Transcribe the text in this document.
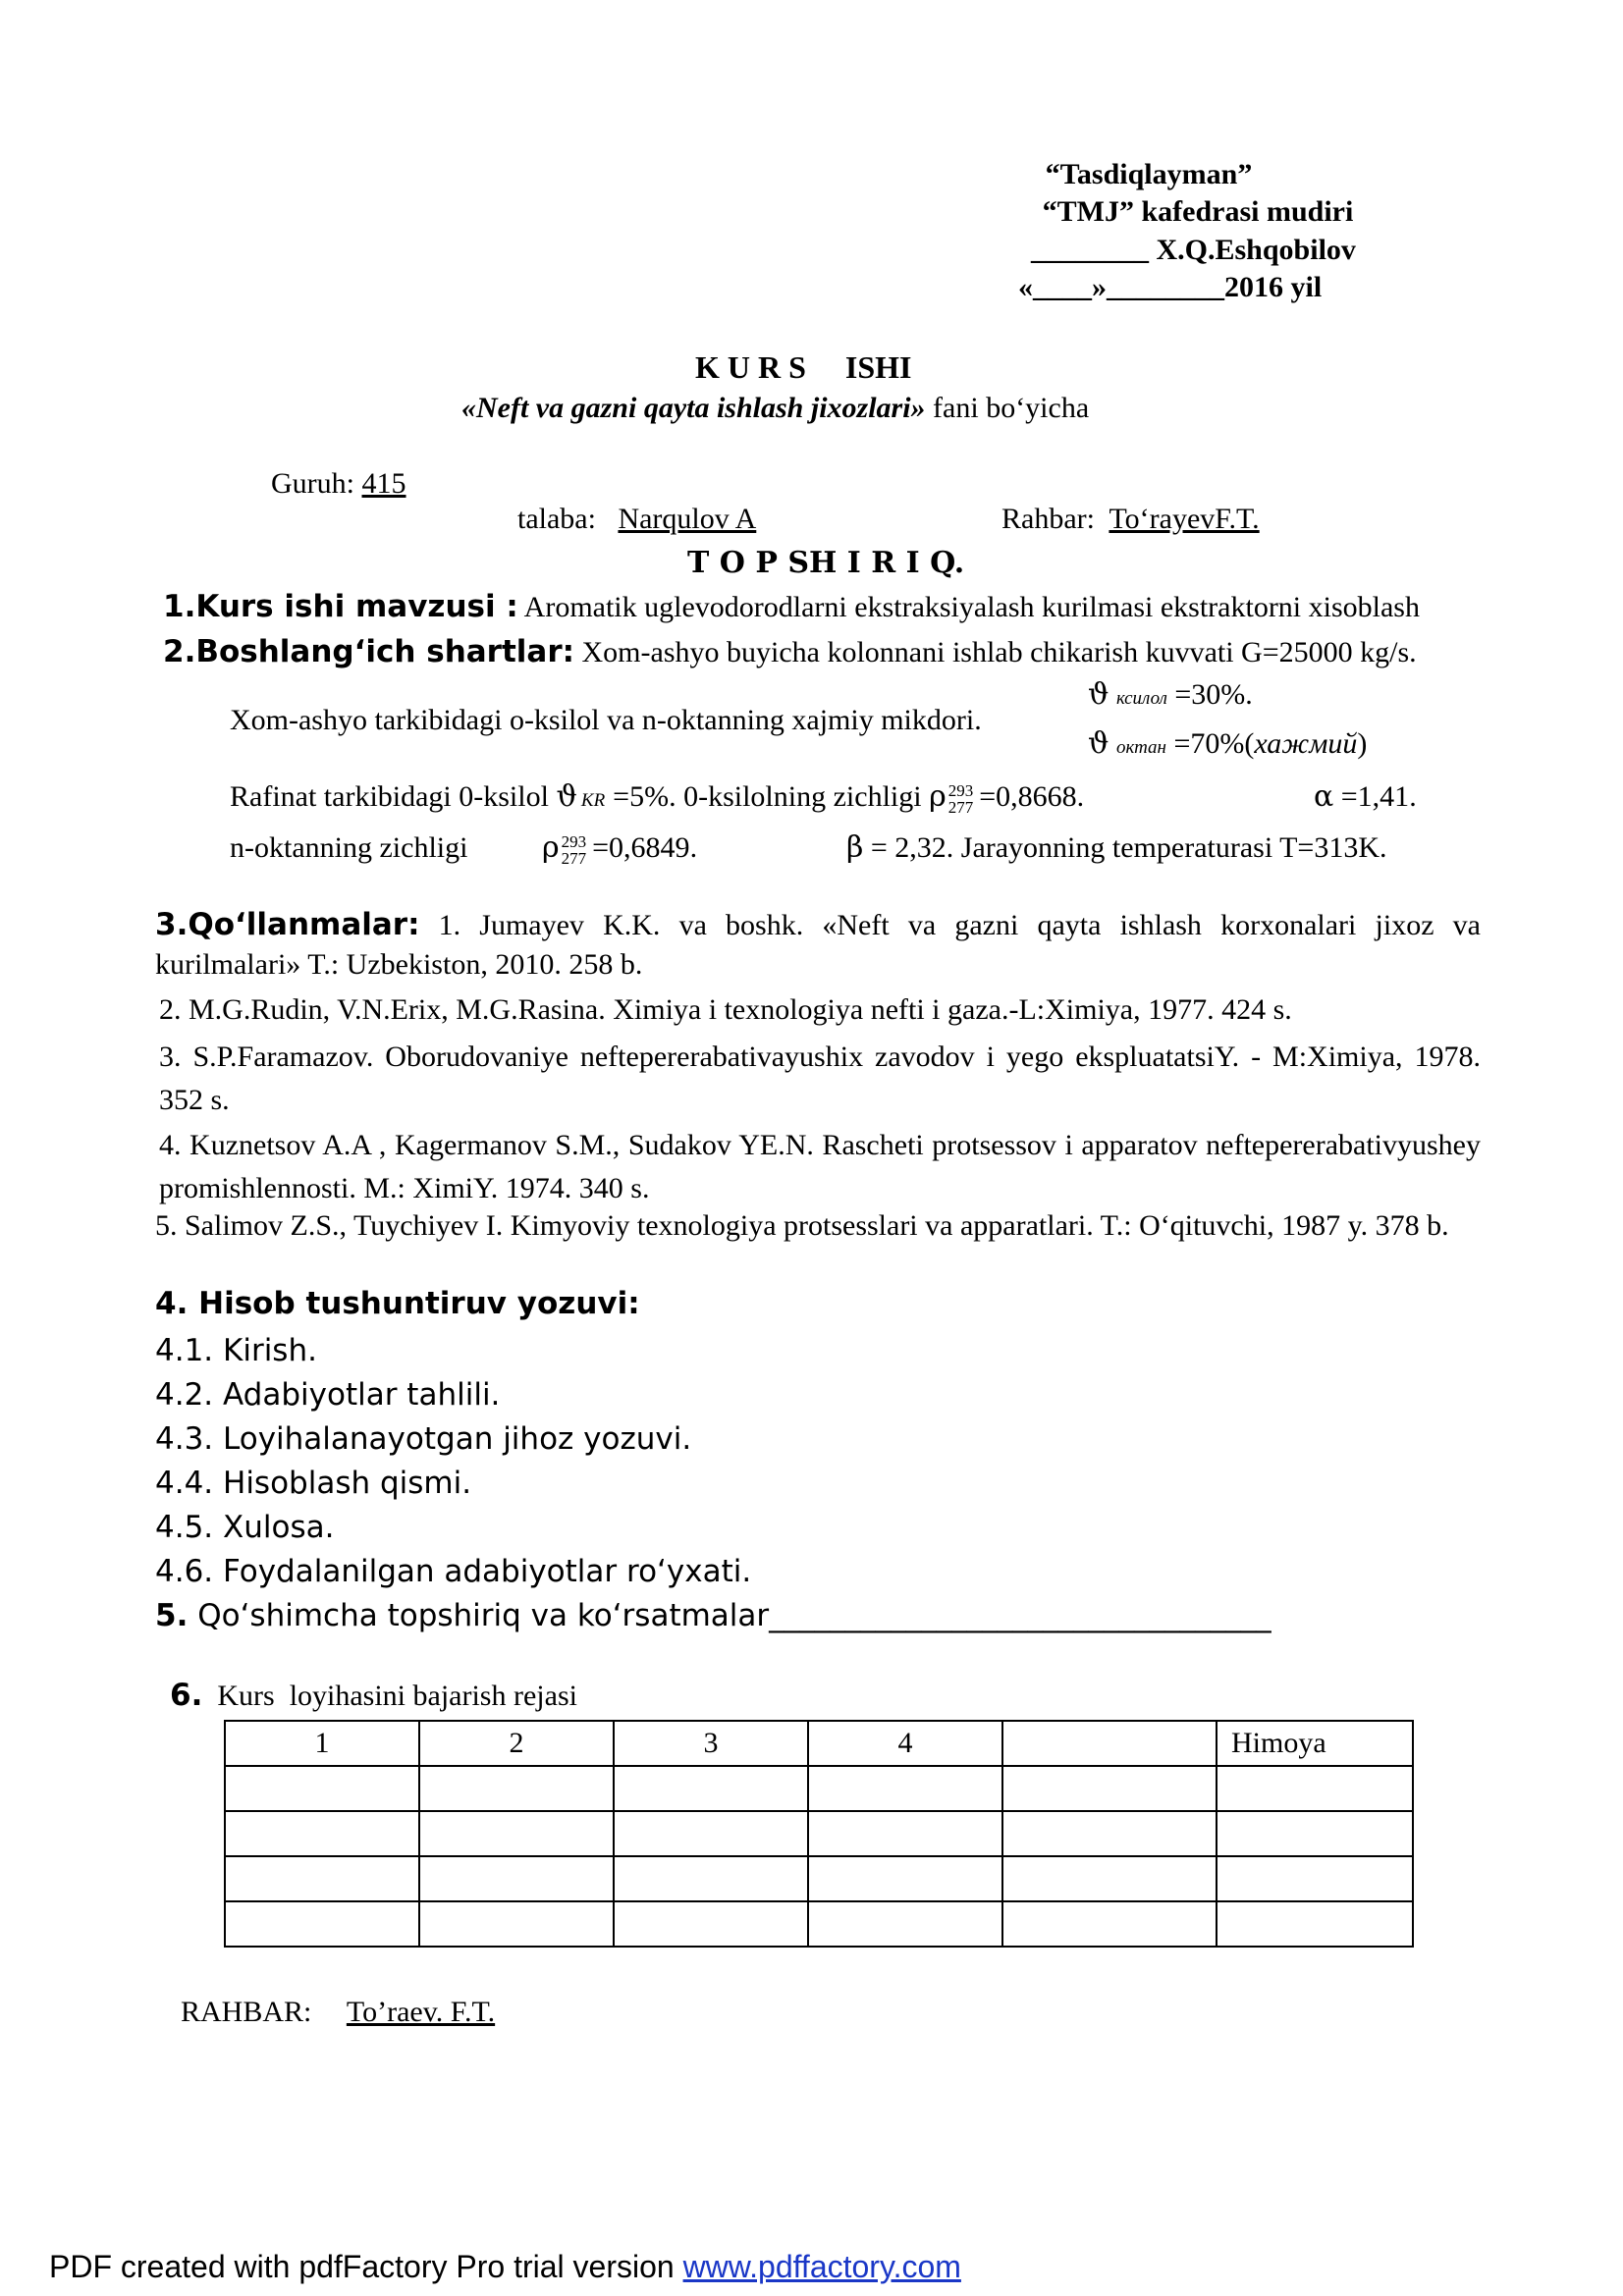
“Tasdiqlayman”
“TMJ” kafedrasi mudiri
________ X.Q.Eshqobilov
«____»________2016 yil
K U R S     ISHI
«Neft va gazni qayta ishlash jixozlari» fani bo‘yicha
Guruh: 415

talaba:   Narqulov A	Rahbar:  To‘rayevF.T.

T O P SH I R I Q.
1.Kurs ishi mavzusi : Aromatik uglevodorodlarni ekstraksiyalash kurilmasi ekstraktorni xisoblash
2.Boshlang‘ich shartlar: Xom-ashyo buyicha kolonnani ishlab chikarish kuvvati G=25000 kg/s.
Xom-ashyo tarkibidagi o-ksilol va n-oktanning xajmiy mikdori.
ϑ ксилол =30%.
ϑ октан =70%(хажмий)
Rafinat tarkibidagi 0-ksilol ϑ KR =5%. 0-ksilolning zichligi ρ 293
277 =0,8668.	α =1,41.
n-oktanning zichligi	ρ 293
277 =0,6849.	β = 2,32. Jarayonning temperaturasi T=313K.
3.Qo‘llanmalar: 1. Jumayev K.K. va boshk. «Neft va gazni qayta ishlash korxonalari jixoz va kurilmalari» T.: Uzbekiston, 2010. 258 b.
2. M.G.Rudin, V.N.Erix, M.G.Rasina. Ximiya i texnologiya nefti i gaza.-L:Ximiya, 1977. 424 s.
3. S.P.Faramazov. Oborudovaniye neftepererabativayushix zavodov i yego ekspluatatsiY. - M:Ximiya, 1978. 352 s.
4. Kuznetsov A.A , Kagermanov S.M., Sudakov YE.N. Rascheti protsessov i apparatov neftepererabativyushey promishlennosti. M.: XimiY. 1974. 340 s.
5. Salimov Z.S., Tuychiyev I. Kimyoviy texnologiya protsesslari va apparatlari. T.: O‘qituvchi, 1987 y. 378 b.
4. Hisob tushuntiruv yozuvi:
4.1. Kirish.
4.2. Adabiyotlar tahlili.
4.3. Loyihalanayotgan jihoz yozuvi.
4.4. Hisoblash qismi.
4.5. Xulosa.
4.6. Foydalanilgan adabiyotlar ro‘yxati.
5. Qo‘shimcha topshiriq va ko‘rsatmalar_________________________________

6.  Kurs  loyihasini bajarish rejasi

1	2	3	4		Himoya

RAHBAR: To’raev. F.T.
PDF created with pdfFactory Pro trial version www.pdffactory.com
